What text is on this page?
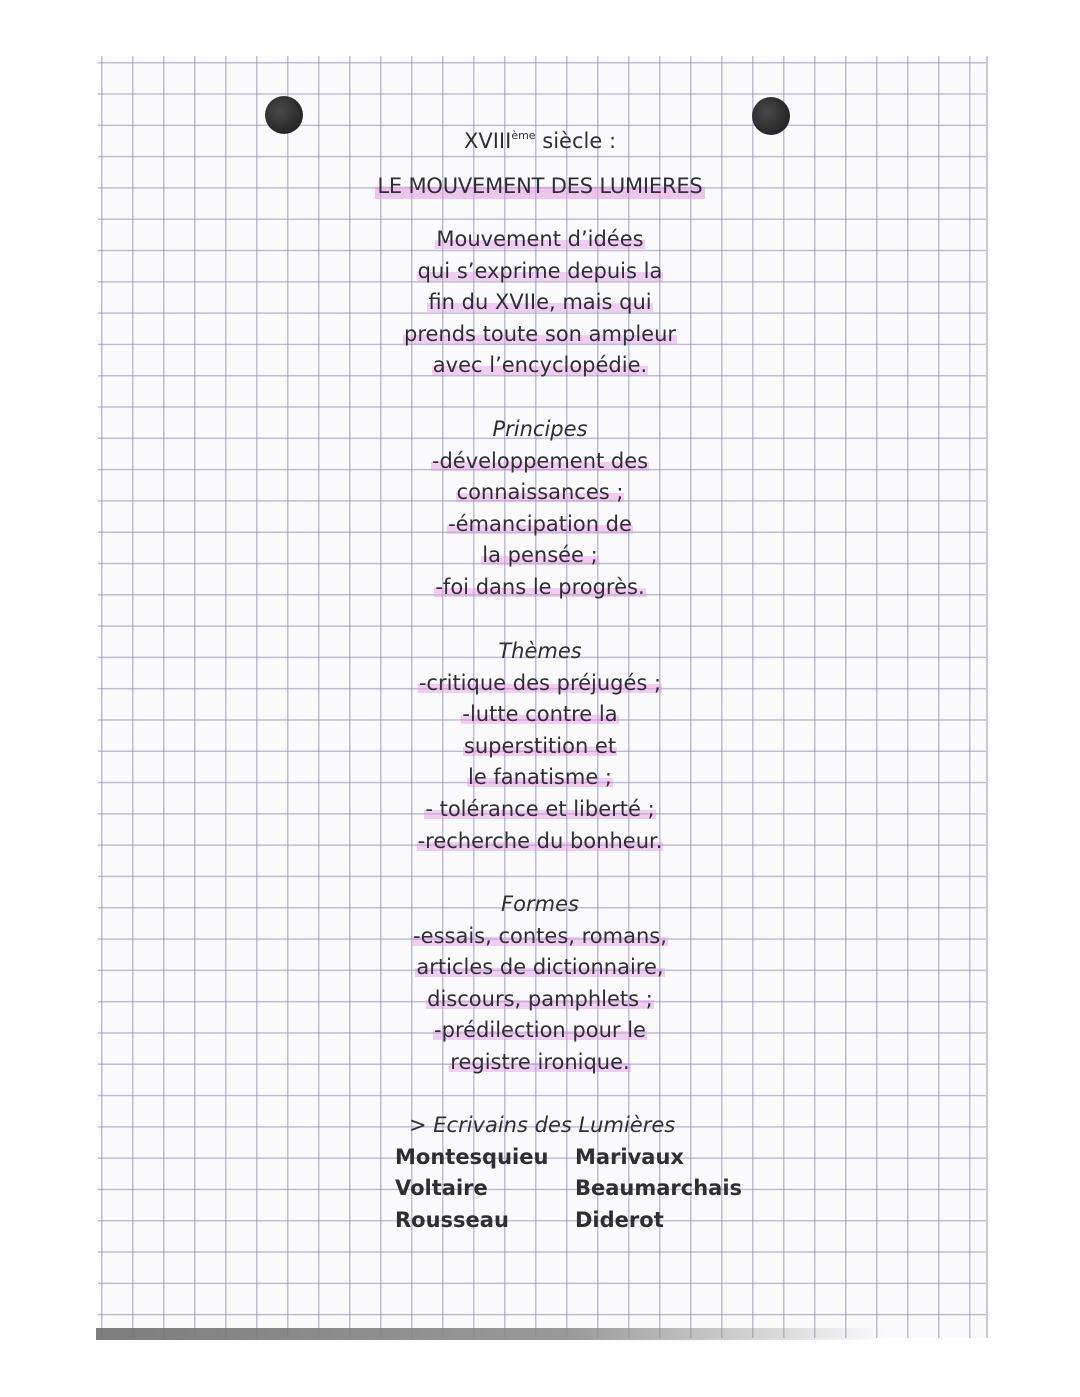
XVIIIème siècle :
LE MOUVEMENT DES LUMIERES
Mouvement d’idées
qui s’exprime depuis la
fin du XVIIe, mais qui
prends toute son ampleur
avec l’encyclopédie.
Principes
-développement des
connaissances ;
-émancipation de
la pensée ;
-foi dans le progrès.
Thèmes
-critique des préjugés ;
-lutte contre la
superstition et
le fanatisme ;
- tolérance et liberté ;
-recherche du bonheur.
Formes
-essais, contes, romans,
articles de dictionnaire,
discours, pamphlets ;
-prédilection pour le
registre ironique.
> Ecrivains des Lumières
Montesquieu
Voltaire
Rousseau
Marivaux
Beaumarchais
Diderot
